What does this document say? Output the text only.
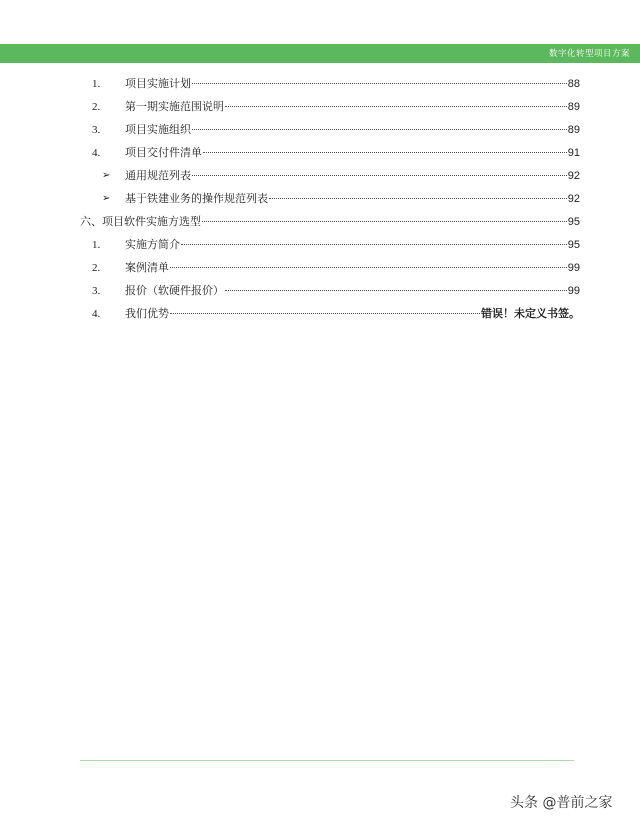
数字化转型项目方案
1. 项目实施计划	88
2. 第一期实施范围说明	89
3. 项目实施组织	89
4. 项目交付件清单	91
➢ 通用规范列表	92
➢ 基于铁建业务的操作规范列表	92
六、项目软件实施方选型	95
1. 实施方简介	95
2. 案例清单	99
3. 报价（软硬件报价）	99
4. 我们优势	错误！未定义书签。
头条 @普前之家
